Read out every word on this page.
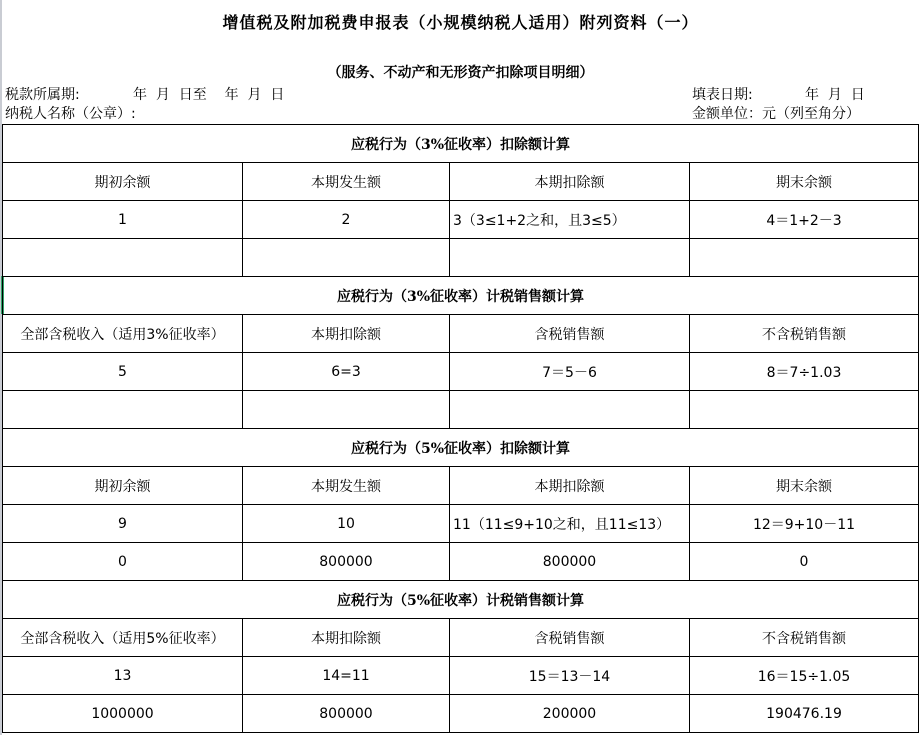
增值税及附加税费申报表（小规模纳税人适用）附列资料（一）
（服务、不动产和无形资产扣除项目明细）
税款所属期:	年  月  日至    年  月  日	填表日期:	年  月  日
纳税人名称（公章）:	金额单位：元（列至角分）
应税行为（3%征收率）扣除额计算
期初余额	本期发生额	本期扣除额	期末余额
1	2	3（3≤1+2之和，且3≤5）	4＝1+2－3
应税行为（3%征收率）计税销售额计算
全部含税收入（适用3%征收率）	本期扣除额	含税销售额	不含税销售额
5	6=3	7＝5－6	8＝7÷1.03
应税行为（5%征收率）扣除额计算
期初余额	本期发生额	本期扣除额	期末余额
9	10	11（11≤9+10之和，且11≤13）	12＝9+10－11
0	800000	800000	0
应税行为（5%征收率）计税销售额计算
全部含税收入（适用5%征收率）	本期扣除额	含税销售额	不含税销售额
13	14=11	15＝13－14	16＝15÷1.05
1000000	800000	200000	190476.19
